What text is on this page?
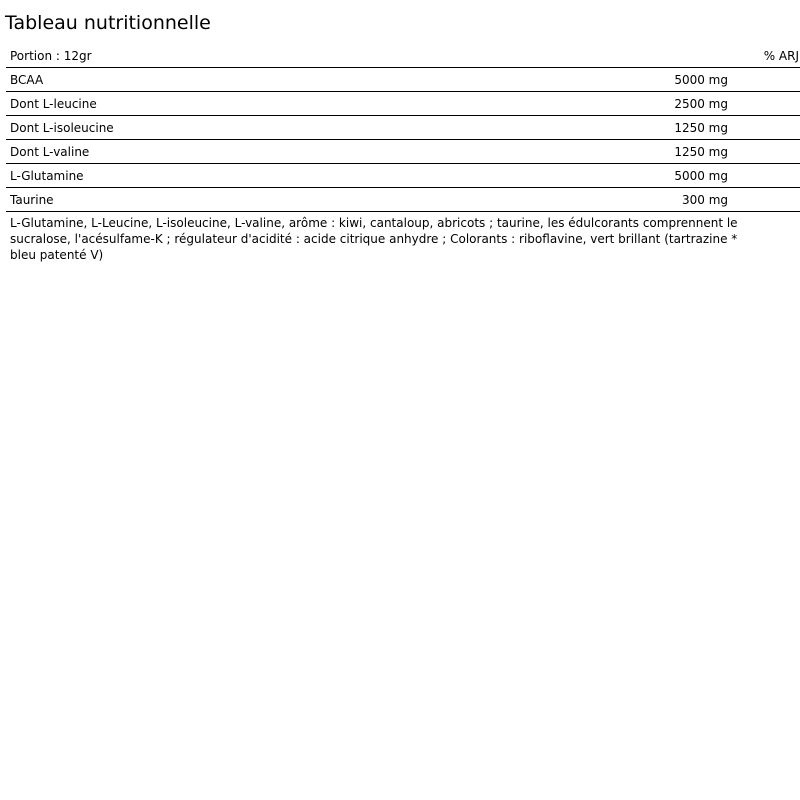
Tableau nutritionnelle
Portion : 12gr		% ARJ
BCAA	5000 mg	
Dont L-leucine	2500 mg	
Dont L-isoleucine	1250 mg	
Dont L-valine	1250 mg	
L-Glutamine	5000 mg	
Taurine	300 mg	

L-Glutamine, L-Leucine, L-isoleucine, L-valine, arôme : kiwi, cantaloup, abricots ; taurine, les édulcorants comprennent le sucralose, l'acésulfame-K ; régulateur d'acidité : acide citrique anhydre ; Colorants : riboflavine, vert brillant (tartrazine * bleu patenté V)
